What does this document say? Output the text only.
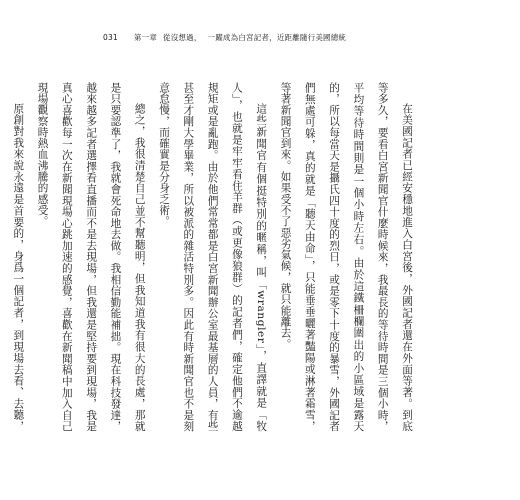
031 第一章 從沒想過， 一躍成為白宮記者，近距離隨行美國總統

在美國記者已經安穩地進入白宮後，外國記者還在外面等著。到底等多久，要看白宮新聞官什麼時候來，我最長的等待時間是三個小時，平均等待時間則是一個小時左右。由於這鐵柵欄圍出的小區域是露天的，所以每當天是攝氏四十度的烈日，或是零下十度的暴雪，外國記者們無處可躲，真的就是「聽天由命」，只能垂垂曬著豔陽或淋著霜雪，等著新聞官到來。如果受不了惡劣氣候，就只能離去。

這些新聞官有個挺特別的暱稱，叫「wrangler」，直譯就是「牧人」，也就是牢牢看住羊群（或更像狼群）的記者們，確定他們不逾越規矩或是亂跑。由於他們常常都是白宮新聞辦公室最基層的人員，有些甚至才剛大學畢業，所以被派的雜活特別多。因此有時新聞官也不是刻意怠慢，而確實是分身乏術。

總之，我很清楚自己並不幫聽明，但我知道我有很大的長處，那就是只要認準了，我就會死命地去做。我相信勤能補拙。現在科技發達，越來越多記者選擇看直播而不是去現場，但我還是堅持要到現場，我是真心喜歡每一次在新聞現場心跳加速的感覺，喜歡在新聞稿中加入自己現場觀察時熱血沸騰的感受。

原創對我來說永遠是首要的，身爲一個記者，到現場去看、去聽，
